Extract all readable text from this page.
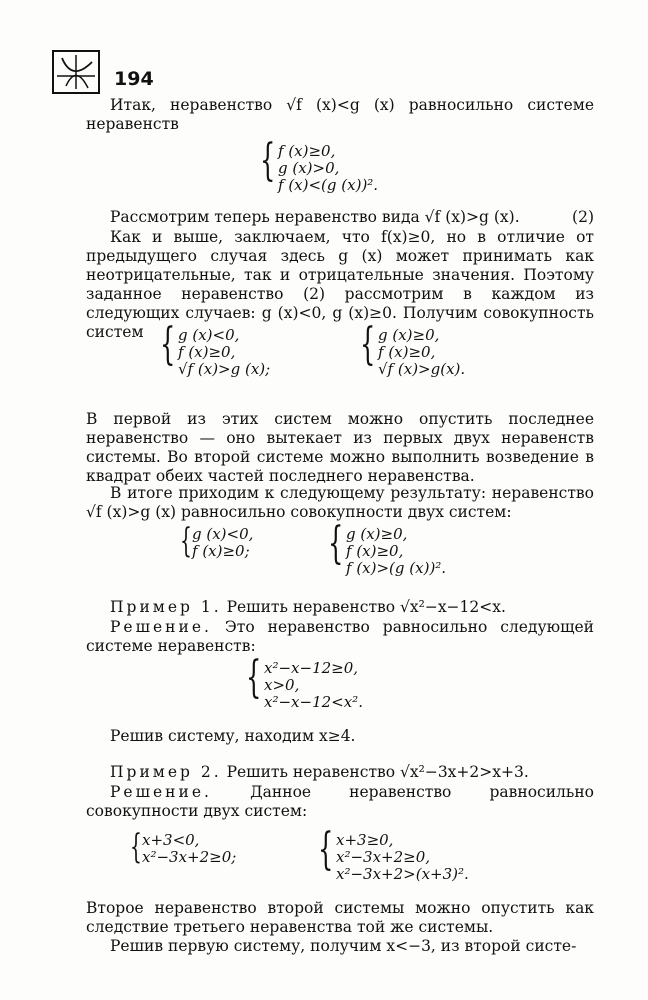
194
Итак, неравенство √f (x)<g (x) равносильно системе неравенств
{ f (x)≥0,
g (x)>0,
f (x)<(g (x))².
Рассмотрим теперь неравенство вида √f (x)>g (x).	(2)
Как и выше, заключаем, что f(x)≥0, но в отличие от предыдущего случая здесь g (x) может принимать как неотрицательные, так и отрицательные значения. Поэтому заданное неравенство (2) рассмотрим в каждом из следующих случаев: g (x)<0, g (x)≥0. Получим совокупность систем { g (x)<0,
f (x)≥0,
√f (x)>g (x); { g (x)≥0,
f (x)≥0,
√f (x)>g(x).
В первой из этих систем можно опустить последнее неравенство — оно вытекает из первых двух неравенств системы. Во второй системе можно выполнить возведение в квадрат обеих частей последнего неравенства.
В итоге приходим к следующему результату: неравенство √f (x)>g (x) равносильно совокупности двух систем:
{ g (x)<0,
f (x)≥0; { g (x)≥0,
f (x)≥0,
f (x)>(g (x))².
Пример 1. Решить неравенство √x²−x−12<x.
Решение. Это неравенство равносильно следующей системе неравенств:
{ x²−x−12≥0,
x>0,
x²−x−12<x².
Решив систему, находим x≥4.
Пример 2. Решить неравенство √x²−3x+2>x+3.
Решение. Данное неравенство равносильно совокупности двух систем:
{ x+3<0,
x²−3x+2≥0; { x+3≥0,
x²−3x+2≥0,
x²−3x+2>(x+3)².
Второе неравенство второй системы можно опустить как следствие третьего неравенства той же системы.
Решив первую систему, получим x<−3, из второй систе-
